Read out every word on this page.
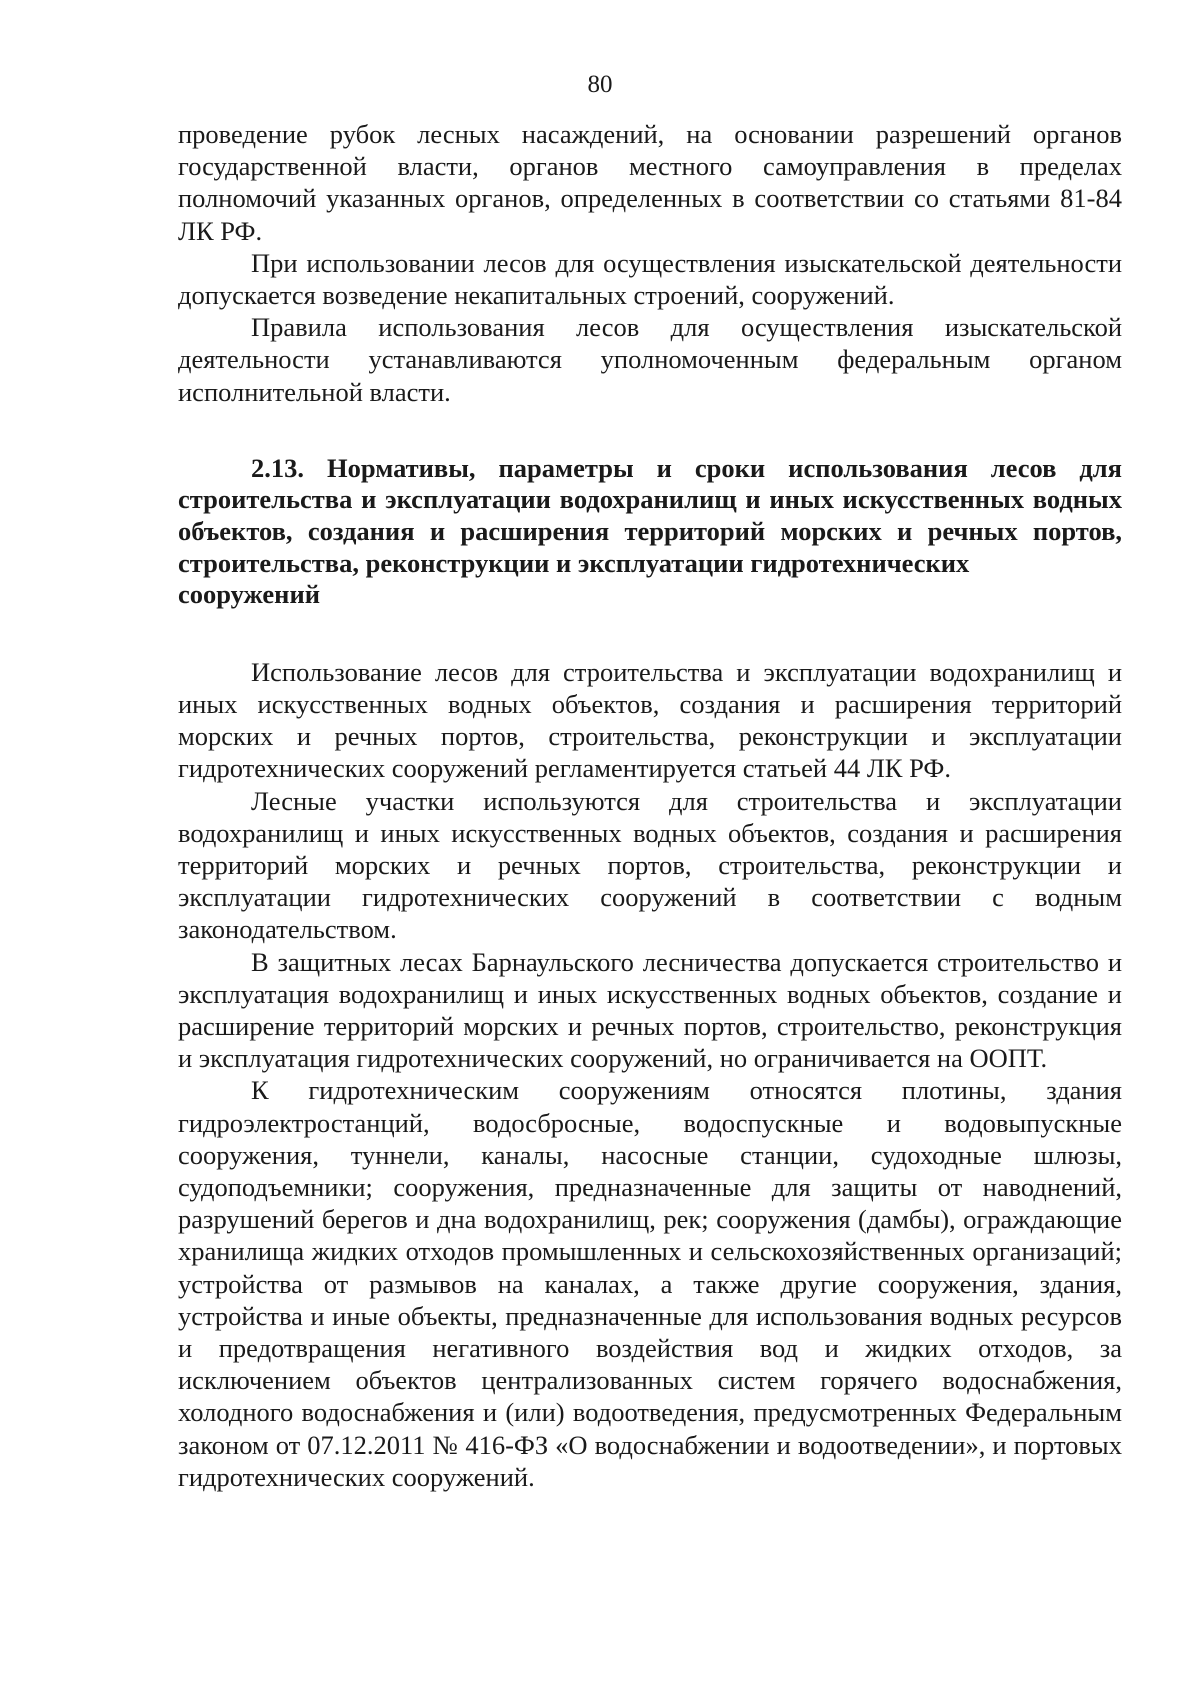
80

проведение рубок лесных насаждений, на основании разрешений органов государственной власти, органов местного самоуправления в пределах полномочий указанных органов, определенных в соответствии со статьями 81-84 ЛК РФ.

При использовании лесов для осуществления изыскательской деятельности допускается возведение некапитальных строений, сооружений.

Правила использования лесов для осуществления изыскательской деятельности устанавливаются уполномоченным федеральным органом исполнительной власти.

2.13. Нормативы, параметры и сроки использования лесов для строительства и эксплуатации водохранилищ и иных искусственных водных объектов, создания и расширения территорий морских и речных портов, строительства, реконструкции и эксплуатации гидротехнических
сооружений

Использование лесов для строительства и эксплуатации водохранилищ и иных искусственных водных объектов, создания и расширения территорий морских и речных портов, строительства, реконструкции и эксплуатации гидротехнических сооружений регламентируется статьей 44 ЛК РФ.

Лесные участки используются для строительства и эксплуатации водохранилищ и иных искусственных водных объектов, создания и расширения территорий морских и речных портов, строительства, реконструкции и эксплуатации гидротехнических сооружений в соответствии с водным законодательством.

В защитных лесах Барнаульского лесничества допускается строительство и эксплуатация водохранилищ и иных искусственных водных объектов, создание и расширение территорий морских и речных портов, строительство, реконструкция и эксплуатация гидротехнических сооружений, но ограничивается на ООПТ.

К гидротехническим сооружениям относятся плотины, здания гидроэлектростанций, водосбросные, водоспускные и водовыпускные сооружения, туннели, каналы, насосные станции, судоходные шлюзы, судоподъемники; сооружения, предназначенные для защиты от наводнений, разрушений берегов и дна водохранилищ, рек; сооружения (дамбы), ограждающие хранилища жидких отходов промышленных и сельскохозяйственных организаций; устройства от размывов на каналах, а также другие сооружения, здания, устройства и иные объекты, предназначенные для использования водных ресурсов и предотвращения негативного воздействия вод и жидких отходов, за исключением объектов централизованных систем горячего водоснабжения, холодного водоснабжения и (или) водоотведения, предусмотренных Федеральным законом от 07.12.2011 № 416-ФЗ «О водоснабжении и водоотведении», и портовых гидротехнических сооружений.
